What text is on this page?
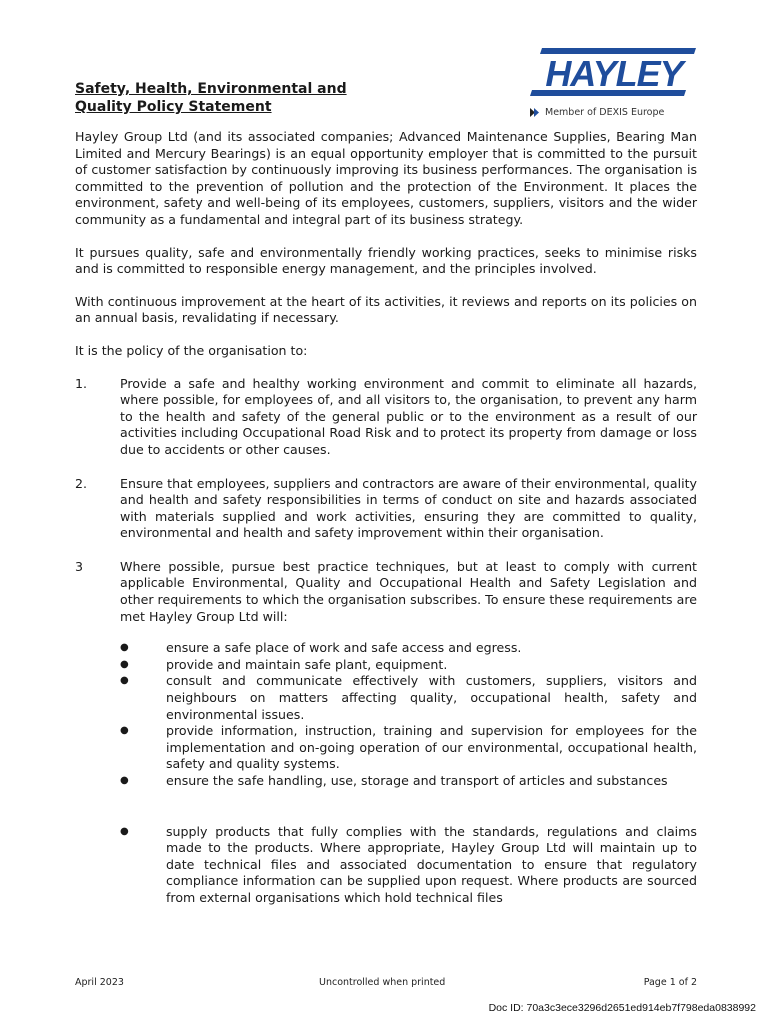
Safety, Health, Environmental and
Quality Policy Statement
HAYLEY
Member of DEXIS Europe

Hayley Group Ltd (and its associated companies; Advanced Maintenance Supplies, Bearing Man Limited and Mercury Bearings) is an equal opportunity employer that is committed to the pursuit of customer satisfaction by continuously improving its business performances. The organisation is committed to the prevention of pollution and the protection of the Environment. It places the environment, safety and well-being of its employees, customers, suppliers, visitors and the wider community as a fundamental and integral part of its business strategy.

It pursues quality, safe and environmentally friendly working practices, seeks to minimise risks and is committed to responsible energy management, and the principles involved.

With continuous improvement at the heart of its activities, it reviews and reports on its policies on an annual basis, revalidating if necessary.

It is the policy of the organisation to:

1.	Provide a safe and healthy working environment and commit to eliminate all hazards, where possible, for employees of, and all visitors to, the organisation, to prevent any harm to the health and safety of the general public or to the environment as a result of our activities including Occupational Road Risk and to protect its property from damage or loss due to accidents or other causes.
2.	Ensure that employees, suppliers and contractors are aware of their environmental, quality and health and safety responsibilities in terms of conduct on site and hazards associated with materials supplied and work activities, ensuring they are committed to quality, environmental and health and safety improvement within their organisation.
3	Where possible, pursue best practice techniques, but at least to comply with current applicable Environmental, Quality and Occupational Health and Safety Legislation and other requirements to which the organisation subscribes. To ensure these requirements are met Hayley Group Ltd will:
●	ensure a safe place of work and safe access and egress.
●	provide and maintain safe plant, equipment.
●	consult and communicate effectively with customers, suppliers, visitors and neighbours on matters affecting quality, occupational health, safety and environmental issues.
●	provide information, instruction, training and supervision for employees for the implementation and on-going operation of our environmental, occupational health, safety and quality systems.
●	ensure the safe handling, use, storage and transport of articles and substances
●	supply products that fully complies with the standards, regulations and claims made to the products. Where appropriate, Hayley Group Ltd will maintain up to date technical files and associated documentation to ensure that regulatory compliance information can be supplied upon request. Where products are sourced from external organisations which hold technical files
April 2023	Uncontrolled when printed	Page 1 of 2
Doc ID: 70a3c3ece3296d2651ed914eb7f798eda0838992
